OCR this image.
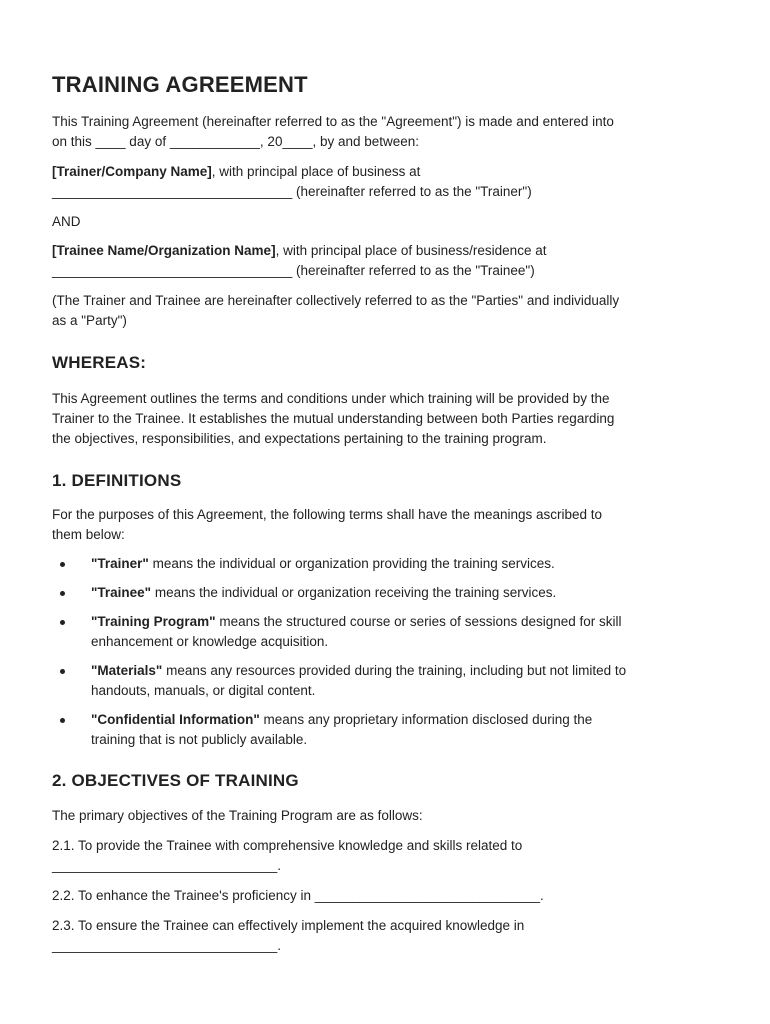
TRAINING AGREEMENT

This Training Agreement (hereinafter referred to as the "Agreement") is made and entered into
on this ____ day of ____________, 20____, by and between:

[Trainer/Company Name], with principal place of business at
________________________________ (hereinafter referred to as the "Trainer")

AND

[Trainee Name/Organization Name], with principal place of business/residence at
________________________________ (hereinafter referred to as the "Trainee")

(The Trainer and Trainee are hereinafter collectively referred to as the "Parties" and individually
as a "Party")

WHEREAS:

This Agreement outlines the terms and conditions under which training will be provided by the
Trainer to the Trainee. It establishes the mutual understanding between both Parties regarding
the objectives, responsibilities, and expectations pertaining to the training program.

1. DEFINITIONS

For the purposes of this Agreement, the following terms shall have the meanings ascribed to
them below:

"Trainer" means the individual or organization providing the training services.
"Trainee" means the individual or organization receiving the training services.
"Training Program" means the structured course or series of sessions designed for skill
enhancement or knowledge acquisition.
"Materials" means any resources provided during the training, including but not limited to
handouts, manuals, or digital content.
"Confidential Information" means any proprietary information disclosed during the
training that is not publicly available.
2. OBJECTIVES OF TRAINING

The primary objectives of the Training Program are as follows:

2.1. To provide the Trainee with comprehensive knowledge and skills related to
______________________________.

2.2. To enhance the Trainee's proficiency in ______________________________.

2.3. To ensure the Trainee can effectively implement the acquired knowledge in
______________________________.
